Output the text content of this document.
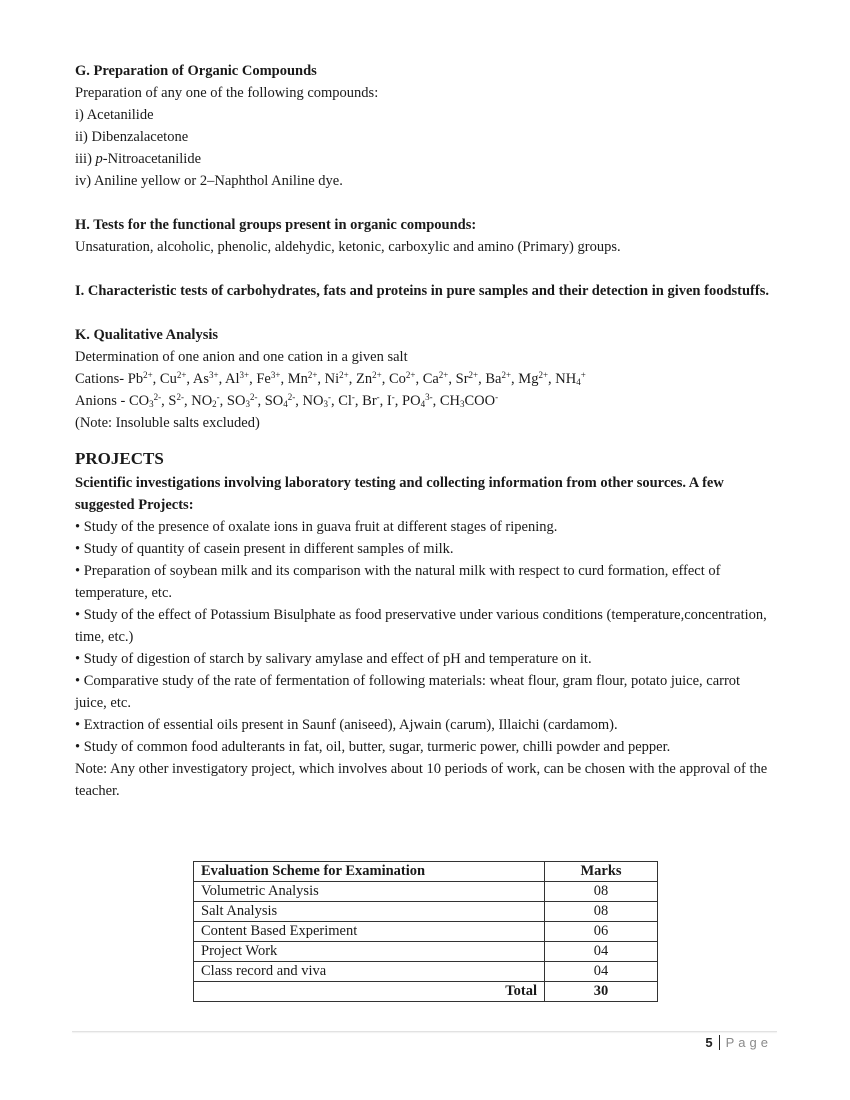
G. Preparation of Organic Compounds
Preparation of any one of the following compounds:
i) Acetanilide
ii) Dibenzalacetone
iii) p-Nitroacetanilide
iv) Aniline yellow or 2–Naphthol Aniline dye.
H. Tests for the functional groups present in organic compounds:
Unsaturation, alcoholic, phenolic, aldehydic, ketonic, carboxylic and amino (Primary) groups.
I. Characteristic tests of carbohydrates, fats and proteins in pure samples and their detection in given foodstuffs.
K. Qualitative Analysis
Determination of one anion and one cation in a given salt
Cations- $Pb^{2+}$, $Cu^{2+}$, $As^{3+}$, $Al^{3+}$, $Fe^{3+}$, $Mn^{2+}$, $Ni^{2+}$, $Zn^{2+}$, $Co^{2+}$, $Ca^{2+}$, $Sr^{2+}$, $Ba^{2+}$, $Mg^{2+}$, $NH_4^+$
Anions - $CO_3^{2-}$, $S^{2-}$, $NO_2^-$, $SO_3^{2-}$, $SO_4^{2-}$, $NO_3^-$, Cl-, Br-, I-, $PO_4^{3-}$, $CH_3COO^-$
(Note: Insoluble salts excluded)
PROJECTS
Scientific investigations involving laboratory testing and collecting information from other sources. A few suggested Projects:
• Study of the presence of oxalate ions in guava fruit at different stages of ripening.
• Study of quantity of casein present in different samples of milk.
• Preparation of soybean milk and its comparison with the natural milk with respect to curd formation, effect of temperature, etc.
• Study of the effect of Potassium Bisulphate as food preservative under various conditions (temperature,concentration, time, etc.)
• Study of digestion of starch by salivary amylase and effect of pH and temperature on it.
• Comparative study of the rate of fermentation of following materials: wheat flour, gram flour, potato juice, carrot juice, etc.
• Extraction of essential oils present in Saunf (aniseed), Ajwain (carum), Illaichi (cardamom).
• Study of common food adulterants in fat, oil, butter, sugar, turmeric power, chilli powder and pepper.
Note: Any other investigatory project, which involves about 10 periods of work, can be chosen with the approval of the teacher.
Evaluation Scheme for Examination	Marks
Volumetric Analysis	08
Salt Analysis	08
Content Based Experiment	06
Project Work	04
Class record and viva	04
Total	30
5 Page
